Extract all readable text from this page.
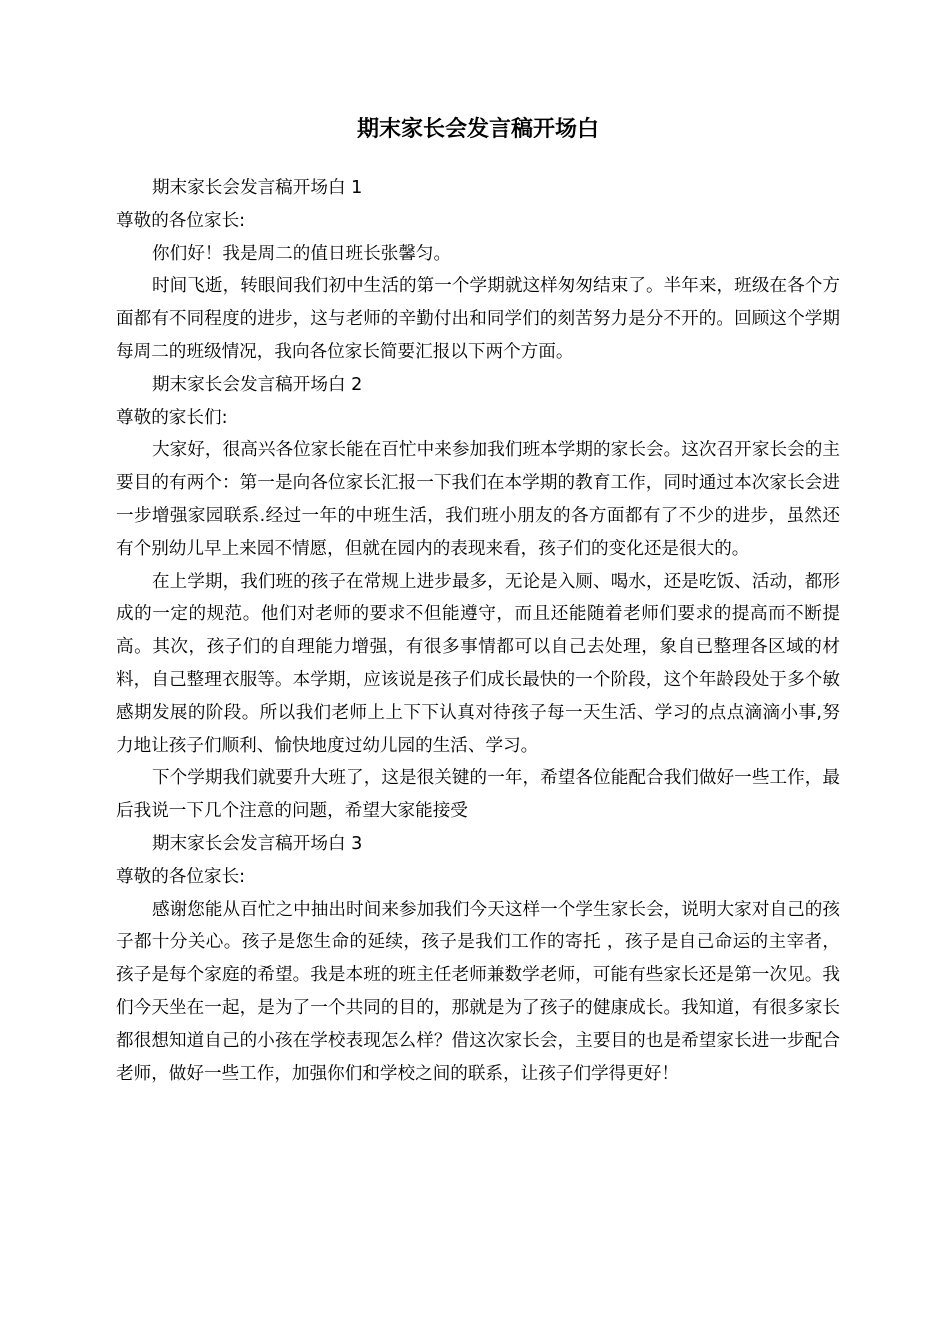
期末家长会发言稿开场白

期末家长会发言稿开场白 1

尊敬的各位家长:

你们好！我是周二的值日班长张馨匀。

时间飞逝，转眼间我们初中生活的第一个学期就这样匆匆结束了。半年来，班级在各个方面都有不同程度的进步，这与老师的辛勤付出和同学们的刻苦努力是分不开的。回顾这个学期每周二的班级情况，我向各位家长简要汇报以下两个方面。

期末家长会发言稿开场白 2

尊敬的家长们:

大家好，很高兴各位家长能在百忙中来参加我们班本学期的家长会。这次召开家长会的主要目的有两个：第一是向各位家长汇报一下我们在本学期的教育工作，同时通过本次家长会进一步增强家园联系.经过一年的中班生活，我们班小朋友的各方面都有了不少的进步，虽然还有个别幼儿早上来园不情愿，但就在园内的表现来看，孩子们的变化还是很大的。

在上学期，我们班的孩子在常规上进步最多，无论是入厕、喝水，还是吃饭、活动，都形成的一定的规范。他们对老师的要求不但能遵守，而且还能随着老师们要求的提高而不断提高。其次，孩子们的自理能力增强，有很多事情都可以自己去处理，象自已整理各区域的材料，自己整理衣服等。本学期，应该说是孩子们成长最快的一个阶段，这个年龄段处于多个敏感期发展的阶段。所以我们老师上上下下认真对待孩子每一天生活、学习的点点滴滴小事,努力地让孩子们顺利、愉快地度过幼儿园的生活、学习。

下个学期我们就要升大班了，这是很关键的一年，希望各位能配合我们做好一些工作，最后我说一下几个注意的问题，希望大家能接受

期末家长会发言稿开场白 3

尊敬的各位家长:

感谢您能从百忙之中抽出时间来参加我们今天这样一个学生家长会，说明大家对自己的孩子都十分关心。孩子是您生命的延续，孩子是我们工作的寄托 ，孩子是自己命运的主宰者，孩子是每个家庭的希望。我是本班的班主任老师兼数学老师，可能有些家长还是第一次见。我们今天坐在一起，是为了一个共同的目的，那就是为了孩子的健康成长。我知道，有很多家长都很想知道自己的小孩在学校表现怎么样？借这次家长会，主要目的也是希望家长进一步配合老师，做好一些工作，加强你们和学校之间的联系，让孩子们学得更好！
